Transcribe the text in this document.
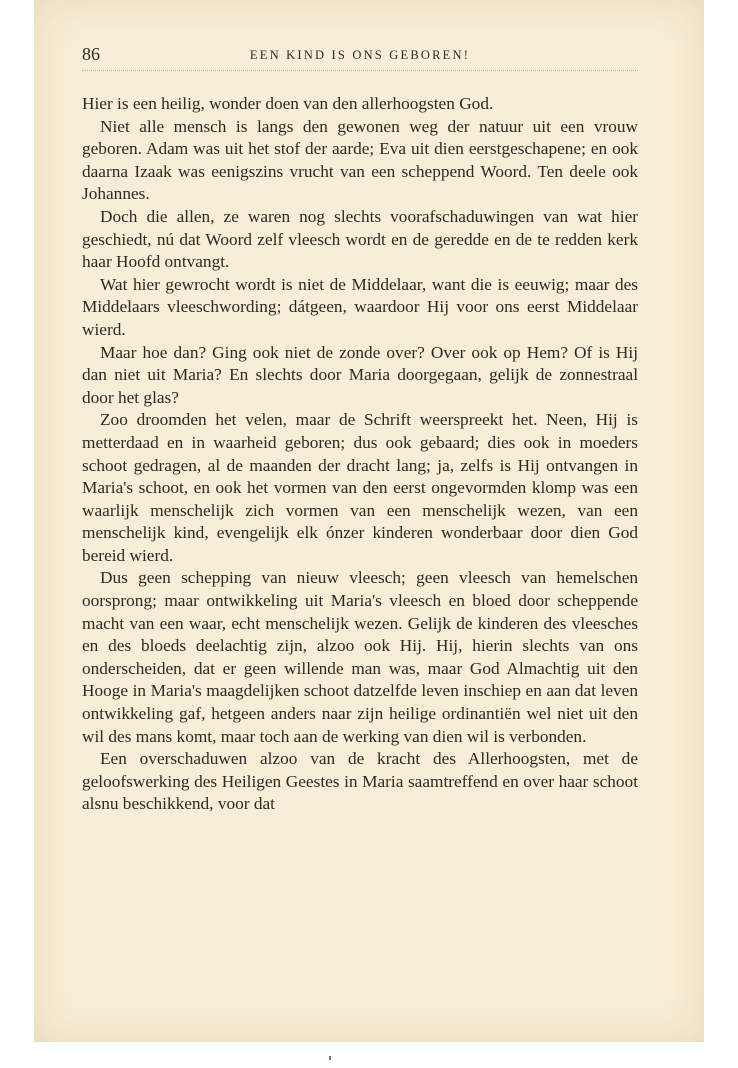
86	EEN KIND IS ONS GEBOREN!

Hier is een heilig, wonder doen van den allerhoogsten God.

Niet alle mensch is langs den gewonen weg der natuur uit een vrouw geboren. Adam was uit het stof der aarde; Eva uit dien eerstgeschapene; en ook daarna Izaak was eenigszins vrucht van een scheppend Woord. Ten deele ook Johannes.

Doch die allen, ze waren nog slechts voorafschaduwingen van wat hier geschiedt, nú dat Woord zelf vleesch wordt en de geredde en de te redden kerk haar Hoofd ontvangt.

Wat hier gewrocht wordt is niet de Middelaar, want die is eeuwig; maar des Middelaars vleeschwording; dátgeen, waardoor Hij voor ons eerst Middelaar wierd.

Maar hoe dan? Ging ook niet de zonde over? Over ook op Hem? Of is Hij dan niet uit Maria? En slechts door Maria doorgegaan, gelijk de zonnestraal door het glas?

Zoo droomden het velen, maar de Schrift weerspreekt het. Neen, Hij is metterdaad en in waarheid geboren; dus ook gebaard; dies ook in moeders schoot gedragen, al de maanden der dracht lang; ja, zelfs is Hij ontvangen in Maria's schoot, en ook het vormen van den eerst ongevormden klomp was een waarlijk menschelijk zich vormen van een menschelijk wezen, van een menschelijk kind, evengelijk elk ónzer kinderen wonderbaar door dien God bereid wierd.

Dus geen schepping van nieuw vleesch; geen vleesch van hemelschen oorsprong; maar ontwikkeling uit Maria's vleesch en bloed door scheppende macht van een waar, echt menschelijk wezen. Gelijk de kinderen des vleesches en des bloeds deelachtig zijn, alzoo ook Hij. Hij, hierin slechts van ons onderscheiden, dat er geen willende man was, maar God Almachtig uit den Hooge in Maria's maagdelijken schoot datzelfde leven inschiep en aan dat leven ontwikkeling gaf, hetgeen anders naar zijn heilige ordinantiën wel niet uit den wil des mans komt, maar toch aan de werking van dien wil is verbonden.

Een overschaduwen alzoo van de kracht des Allerhoogsten, met de geloofswerking des Heiligen Geestes in Maria saamtreffend en over haar schoot alsnu beschikkend, voor dat
